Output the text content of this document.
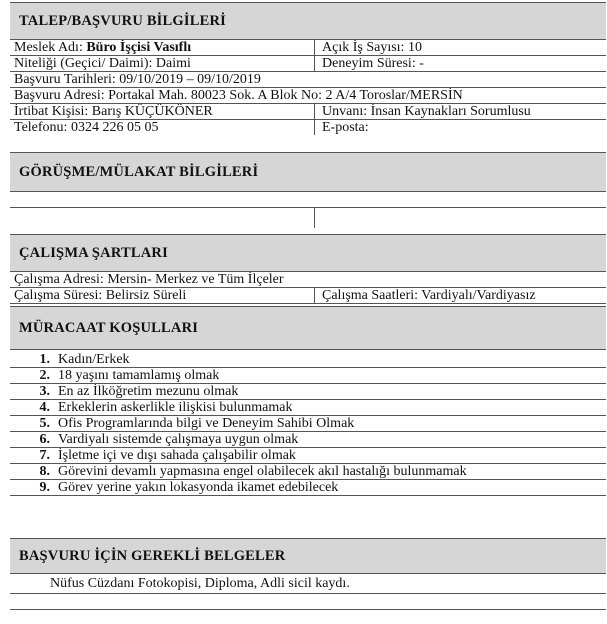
TALEP/BAŞVURU BİLGİLERİ
Meslek Adı: Büro İşçisi Vasıflı	Açık İş Sayısı: 10
Niteliği (Geçici/ Daimi): Daimi	Deneyim Süresi: -
Başvuru Tarihleri: 09/10/2019 – 09/10/2019
Başvuru Adresi: Portakal Mah. 80023 Sok. A Blok No: 2 A/4 Toroslar/MERSİN
İrtibat Kişisi: Barış KÜÇÜKÖNER	Unvanı: İnsan Kaynakları Sorumlusu
Telefonu: 0324 226 05 05	E-posta:
GÖRÜŞME/MÜLAKAT BİLGİLERİ
ÇALIŞMA ŞARTLARI
Çalışma Adresi: Mersin- Merkez ve Tüm İlçeler
Çalışma Süresi: Belirsiz Süreli	Çalışma Saatleri: Vardiyalı/Vardiyasız
MÜRACAAT KOŞULLARI
1. Kadın/Erkek
2. 18 yaşını tamamlamış olmak
3. En az İlköğretim mezunu olmak
4. Erkeklerin askerlikle ilişkisi bulunmamak
5. Ofis Programlarında bilgi ve Deneyim Sahibi Olmak
6. Vardiyalı sistemde çalışmaya uygun olmak
7. İşletme içi ve dışı sahada çalışabilir olmak
8. Görevini devamlı yapmasına engel olabilecek akıl hastalığı bulunmamak
9. Görev yerine yakın lokasyonda ikamet edebilecek
BAŞVURU İÇİN GEREKLİ BELGELER
Nüfus Cüzdanı Fotokopisi, Diploma, Adli sicil kaydı.
